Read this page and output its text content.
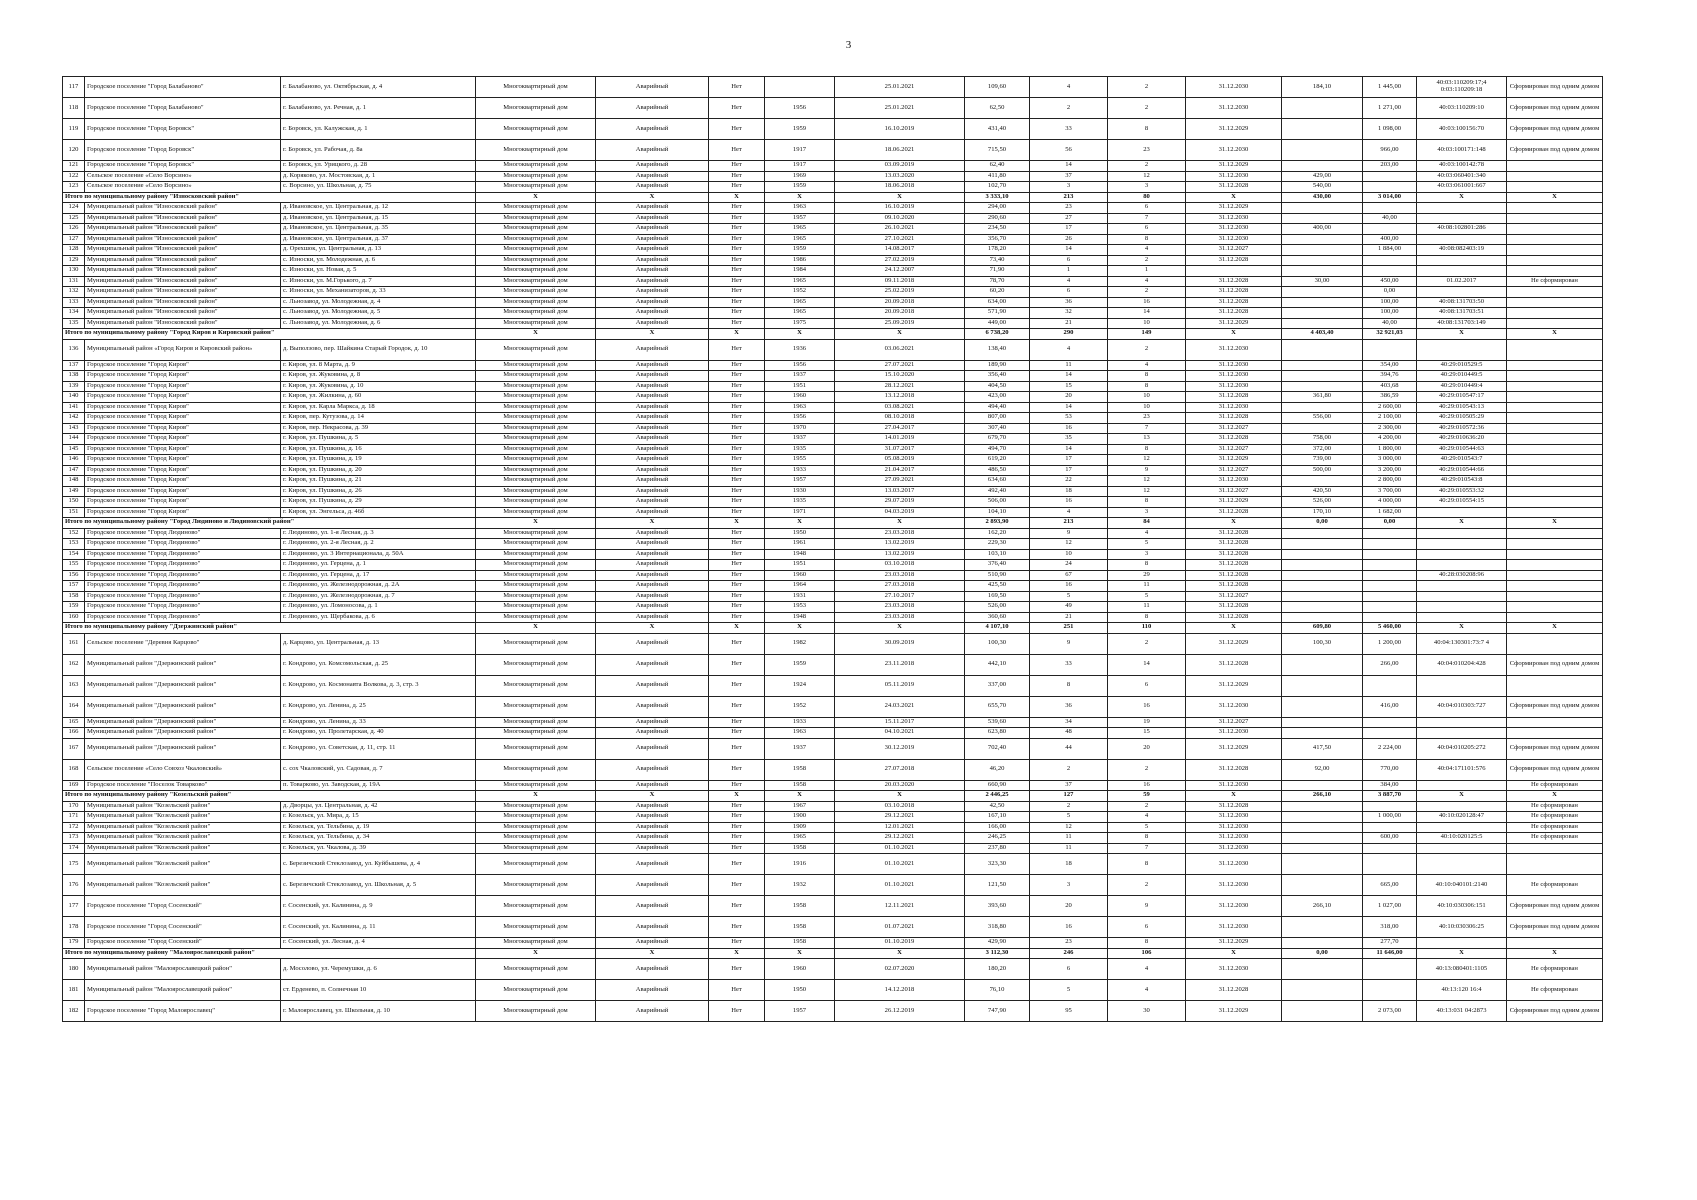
3
117	Городское поселение "Город Балабаново"	г. Балабаново, ул. Октябрьская, д. 4	Многоквартирный дом	Аварийный	Нет		25.01.2021	109,60	4	2	31.12.2030	184,10	1 445,00	40:03:110209:17;4 0:03:110209:18	Сформирован под одним домом
118	Городское поселение "Город Балабаново"	г. Балабаново, ул. Речная, д. 1	Многоквартирный дом	Аварийный	Нет	1956	25.01.2021	62,50	2	2	31.12.2030		1 271,00	40:03:110209:10	Сформирован под одним домом
119	Городское поселение "Город Боровск"	г. Боровск, ул. Калужская, д. 1	Многоквартирный дом	Аварийный	Нет	1959	16.10.2019	431,40	33	8	31.12.2029		1 098,00	40:03:100156:70	Сформирован под одним домом
120	Городское поселение "Город Боровск"	г. Боровск, ул. Рабочая, д. 8а	Многоквартирный дом	Аварийный	Нет	1917	18.06.2021	715,50	56	23	31.12.2030		966,00	40:03:100171:148	Сформирован под одним домом
121	Городское поселение "Город Боровск"	г. Боровск, ул. Урицкого, д. 28	Многоквартирный дом	Аварийный	Нет	1917	03.09.2019	62,40	14	2	31.12.2029		203,00	40:03:100142:78	
122	Сельское поселение «Село Ворсино»	д. Коряково, ул. Мостовская, д. 1	Многоквартирный дом	Аварийный	Нет	1969	13.03.2020	411,80	37	12	31.12.2030	429,00		40:03:060401:340	
123	Сельское поселение «Село Ворсино»	с. Ворсино, ул. Школьная, д. 75	Многоквартирный дом	Аварийный	Нет	1959	18.06.2018	102,70	3	3	31.12.2028	540,00		40:03:061001:667	
Итого по муниципальному району "Износковский район"			X	X	X	X	X	3 333,10	213	80	X	430,00	3 014,00	X	X
124	Муниципальный район "Износковский район"	д. Ивановское, ул. Центральная, д. 12	Многоквартирный дом	Аварийный	Нет	1963	16.10.2019	294,00	23	6	31.12.2029				
125	Муниципальный район "Износковский район"	д. Ивановское, ул. Центральная, д. 15	Многоквартирный дом	Аварийный	Нет	1957	09.10.2020	290,60	27	7	31.12.2030		40,00		
126	Муниципальный район "Износковский район"	д. Ивановское, ул. Центральная, д. 35	Многоквартирный дом	Аварийный	Нет	1965	26.10.2021	234,50	17	6	31.12.2030	400,00		40:08:102801:286	
127	Муниципальный район "Износковский район"	д. Ивановское, ул. Центральная, д. 37	Многоквартирный дом	Аварийный	Нет	1965	27.10.2021	356,70	26	8	31.12.2030		400,00		
128	Муниципальный район "Износковский район"	д. Орехшок, ул. Центральная, д. 13	Многоквартирный дом	Аварийный	Нет	1959	14.08.2017	178,20	14	4	31.12.2027		1 884,00	40:08:082403:19	
129	Муниципальный район "Износковский район"	с. Износки, ул. Молодежная, д. 6	Многоквартирный дом	Аварийный	Нет	1986	27.02.2019	73,40	6	2	31.12.2028				
130	Муниципальный район "Износковский район"	с. Износки, ул. Новая, д. 5	Многоквартирный дом	Аварийный	Нет	1984	24.12.2007	71,90	1	1					
131	Муниципальный район "Износковский район"	с. Износки, ул. М.Горького, д. 7	Многоквартирный дом	Аварийный	Нет	1965	09.11.2018	78,70	4	4	31.12.2028	30,00	450,00	01.02.2017	Не сформирован
132	Муниципальный район "Износковский район"	с. Износки, ул. Механизаторов, д. 33	Многоквартирный дом	Аварийный	Нет	1952	25.02.2019	60,20	6	2	31.12.2028		0,00		
133	Муниципальный район "Износковский район"	с. Льнозавод, ул. Молодежная, д. 4	Многоквартирный дом	Аварийный	Нет	1965	20.09.2018	634,00	36	16	31.12.2028		100,00	40:08:131703:50	
134	Муниципальный район "Износковский район"	с. Льнозавод, ул. Молодежная, д. 5	Многоквартирный дом	Аварийный	Нет	1965	20.09.2018	571,90	32	14	31.12.2028		100,00	40:08:131703:51	
135	Муниципальный район "Износковский район"	с. Льнозавод, ул. Молодежная, д. 6	Многоквартирный дом	Аварийный	Нет	1975	25.09.2019	449,00	21	10	31.12.2029		40,00	40:08:131703:149	
Итого по муниципальному району "Город Киров и Кировский район"			X	X	X	X	X	6 738,20	290	149	X	4 403,40	32 921,03	X	X
136	Муниципальный район «Город Киров и Кировский район»	д. Выползово, пер. Шайкина Старый Городок, д. 10	Многоквартирный дом	Аварийный	Нет	1936	03.06.2021	138,40	4	2	31.12.2030				
137	Городское поселение "Город Киров"	г. Киров, ул. 8 Марта, д. 9	Многоквартирный дом	Аварийный	Нет	1956	27.07.2021	189,90	11	4	31.12.2030		354,00	40:29:010529:5	
138	Городское поселение "Город Киров"	г. Киров, ул. Жуковина, д. 8	Многоквартирный дом	Аварийный	Нет	1937	15.10.2020	356,40	14	8	31.12.2030		394,76	40:29:010449:5	
139	Городское поселение "Город Киров"	г. Киров, ул. Жуковина, д. 10	Многоквартирный дом	Аварийный	Нет	1951	28.12.2021	404,50	15	8	31.12.2030		403,68	40:29:010449:4	
140	Городское поселение "Город Киров"	г. Киров, ул. Жилкина, д. 60	Многоквартирный дом	Аварийный	Нет	1960	13.12.2018	423,00	20	10	31.12.2028	361,80	386,59	40:29:010547:17	
141	Городское поселение "Город Киров"	г. Киров, ул. Карла Маркса, д. 18	Многоквартирный дом	Аварийный	Нет	1963	03.08.2021	494,40	14	10	31.12.2030		2 600,00	40:29:010543:13	
142	Городское поселение "Город Киров"	г. Киров, пер. Кутузова, д. 14	Многоквартирный дом	Аварийный	Нет	1956	08.10.2018	807,00	53	23	31.12.2028	556,00	2 100,00	40:29:010505:29	
143	Городское поселение "Город Киров"	г. Киров, пер. Некрасова, д. 39	Многоквартирный дом	Аварийный	Нет	1970	27.04.2017	307,40	16	7	31.12.2027		2 300,00	40:29:010572:36	
144	Городское поселение "Город Киров"	г. Киров, ул. Пушкина, д. 5	Многоквартирный дом	Аварийный	Нет	1937	14.01.2019	679,70	35	13	31.12.2028	758,00	4 200,00	40:29:010636:20	
145	Городское поселение "Город Киров"	г. Киров, ул. Пушкина, д. 16	Многоквартирный дом	Аварийный	Нет	1935	31.07.2017	494,70	14	8	31.12.2027	372,00	1 800,00	40:29:010544:63	
146	Городское поселение "Город Киров"	г. Киров, ул. Пушкина, д. 19	Многоквартирный дом	Аварийный	Нет	1955	05.08.2019	619,20	17	12	31.12.2029	739,00	3 000,00	40:29:010543:7	
147	Городское поселение "Город Киров"	г. Киров, ул. Пушкина, д. 20	Многоквартирный дом	Аварийный	Нет	1933	21.04.2017	486,50	17	9	31.12.2027	500,00	3 200,00	40:29:010544:66	
148	Городское поселение "Город Киров"	г. Киров, ул. Пушкина, д. 21	Многоквартирный дом	Аварийный	Нет	1957	27.09.2021	634,60	22	12	31.12.2030		2 800,00	40:29:010543:8	
149	Городское поселение "Город Киров"	г. Киров, ул. Пушкина, д. 26	Многоквартирный дом	Аварийный	Нет	1930	13.03.2017	492,40	18	12	31.12.2027	420,50	3 700,00	40:29:010553:32	
150	Городское поселение "Город Киров"	г. Киров, ул. Пушкина, д. 29	Многоквартирный дом	Аварийный	Нет	1935	29.07.2019	506,00	16	8	31.12.2029	526,00	4 000,00	40:29:010554:15	
151	Городское поселение "Город Киров"	г. Киров, ул. Энгельса, д. 46б	Многоквартирный дом	Аварийный	Нет	1971	04.03.2019	104,10	4	3	31.12.2028	170,10	1 682,00		
Итого по муниципальному району "Город Людиново и Людиновский район"			X	X	X	X	X	2 893,90	213	84	X	0,00	0,00	X	X
152	Городское поселение "Город Людиново"	г. Людиново, ул. 1-я Лесная, д. 3	Многоквартирный дом	Аварийный	Нет	1950	23.03.2018	162,20	9	4	31.12.2028				
153	Городское поселение "Город Людиново"	г. Людиново, ул. 2-я Лесная, д. 2	Многоквартирный дом	Аварийный	Нет	1961	13.02.2019	229,30	12	5	31.12.2028				
154	Городское поселение "Город Людиново"	г. Людиново, ул. 3 Интернационала, д. 50А	Многоквартирный дом	Аварийный	Нет	1948	13.02.2019	103,10	10	3	31.12.2028				
155	Городское поселение "Город Людиново"	г. Людиново, ул. Герцена, д. 1	Многоквартирный дом	Аварийный	Нет	1951	03.10.2018	376,40	24	8	31.12.2028				
156	Городское поселение "Город Людиново"	г. Людиново, ул. Герцена, д. 17	Многоквартирный дом	Аварийный	Нет	1960	23.03.2018	510,90	67	29	31.12.2028			40:28:030208:96	
157	Городское поселение "Город Людиново"	г. Людиново, ул. Железнодорожная, д. 2А	Многоквартирный дом	Аварийный	Нет	1964	27.03.2018	425,50	16	11	31.12.2028				
158	Городское поселение "Город Людиново"	г. Людиново, ул. Железнодорожная, д. 7	Многоквартирный дом	Аварийный	Нет	1931	27.10.2017	169,50	5	5	31.12.2027				
159	Городское поселение "Город Людиново"	г. Людиново, ул. Ломоносова, д. 1	Многоквартирный дом	Аварийный	Нет	1953	23.03.2018	526,00	49	11	31.12.2028				
160	Городское поселение "Город Людиново"	г. Людиново, ул. Щербакова, д. 6	Многоквартирный дом	Аварийный	Нет	1948	23.03.2018	360,60	21	8	31.12.2028				
Итого по муниципальному району "Дзержинский район"			X	X	X	X	X	4 107,10	251	110	X	609,80	5 460,00	X	X
161	Сельское поселение "Деревня Карцово"	д. Карцово, ул. Центральная, д. 13	Многоквартирный дом	Аварийный	Нет	1982	30.09.2019	100,30	9	2	31.12.2029	100,30	1 200,00	40:04:130301:73:7 4	
162	Муниципальный район "Дзержинский район"	г. Кондрово, ул. Комсомольская, д. 25	Многоквартирный дом	Аварийный	Нет	1959	23.11.2018	442,10	33	14	31.12.2028		266,00	40:04:010204:428	Сформирован под одним домом
163	Муниципальный район "Дзержинский район"	г. Кондрово, ул. Космонавта Волкова, д. 3, стр. 3	Многоквартирный дом	Аварийный	Нет	1924	05.11.2019	337,00	8	6	31.12.2029				
164	Муниципальный район "Дзержинский район"	г. Кондрово, ул. Ленина, д. 25	Многоквартирный дом	Аварийный	Нет	1952	24.03.2021	655,70	36	16	31.12.2030		416,00	40:04:010303:727	Сформирован под одним домом
165	Муниципальный район "Дзержинский район"	г. Кондрово, ул. Ленина, д. 33	Многоквартирный дом	Аварийный	Нет	1933	15.11.2017	539,60	34	19	31.12.2027				
166	Муниципальный район "Дзержинский район"	г. Кондрово, ул. Пролетарская, д. 40	Многоквартирный дом	Аварийный	Нет	1963	04.10.2021	623,80	48	15	31.12.2030				
167	Муниципальный район "Дзержинский район"	г. Кондрово, ул. Советская, д. 11, стр. 11	Многоквартирный дом	Аварийный	Нет	1937	30.12.2019	702,40	44	20	31.12.2029	417,50	2 224,00	40:04:010205:272	Сформирован под одним домом
168	Сельское поселение «Село Совхоз Чкаловский»	с. сох Чкаловский, ул. Садовая, д. 7	Многоквартирный дом	Аварийный	Нет	1958	27.07.2018	46,20	2	2	31.12.2028	92,00	770,00	40:04:171101:576	Сформирован под одним домом
169	Городское поселение "Поселок Товарково"	п. Товарково, ул. Заводская, д. 19А	Многоквартирный дом	Аварийный	Нет	1958	20.03.2020	660,90	37	16	31.12.2030		384,00		Не сформирован
Итого по муниципальному району "Козельский район"			X	X	X	X	X	2 446,25	127	59	X	266,10	3 887,70	X	X
170	Муниципальный район "Козельский район"	д. Дворцы, ул. Центральная, д. 42	Многоквартирный дом	Аварийный	Нет	1967	03.10.2018	42,50	2	2	31.12.2028				Не сформирован
171	Муниципальный район "Козельский район"	г. Козельск, ул. Мира, д. 15	Многоквартирный дом	Аварийный	Нет	1900	29.12.2021	167,10	5	4	31.12.2030		1 000,00	40:10:020128:47	Не сформирован
172	Муниципальный район "Козельский район"	г. Козельск, ул. Тельбина, д. 19	Многоквартирный дом	Аварийный	Нет	1909	12.01.2021	166,00	12	5	31.12.2030				Не сформирован
173	Муниципальный район "Козельский район"	г. Козельск, ул. Тельбина, д. 34	Многоквартирный дом	Аварийный	Нет	1965	29.12.2021	246,25	11	8	31.12.2030		600,00	40:10:020125:5	Не сформирован
174	Муниципальный район "Козельский район"	г. Козельск, ул. Чкалова, д. 39	Многоквартирный дом	Аварийный	Нет	1958	01.10.2021	237,80	11	7	31.12.2030				
175	Муниципальный район "Козельский район"	с. Березичский Стеклозавод, ул. Куйбышева, д. 4	Многоквартирный дом	Аварийный	Нет	1916	01.10.2021	323,30	18	8	31.12.2030				
176	Муниципальный район "Козельский район"	с. Березичский Стеклозавод, ул. Школьная, д. 5	Многоквартирный дом	Аварийный	Нет	1932	01.10.2021	121,50	3	2	31.12.2030		665,00	40:10:040101:2140	Не сформирован
177	Городское поселение "Город Сосенский"	г. Сосенский, ул. Калинина, д. 9	Многоквартирный дом	Аварийный	Нет	1958	12.11.2021	393,60	20	9	31.12.2030	266,10	1 027,00	40:10:030306:151	Сформирован под одним домом
178	Городское поселение "Город Сосенский"	г. Сосенский, ул. Калинина, д. 11	Многоквартирный дом	Аварийный	Нет	1958	01.07.2021	318,80	16	6	31.12.2030		318,00	40:10:030306:25	Сформирован под одним домом
179	Городское поселение "Город Сосенский"	г. Сосенский, ул. Лесная, д. 4	Многоквартирный дом	Аварийный	Нет	1958	01.10.2019	429,90	23	8	31.12.2029		277,70		
Итого по муниципальному району "Малоярославецкий район"			X	X	X	X	X	3 112,30	246	106	X	0,00	11 646,00	X	X
180	Муниципальный район "Малоярославецкий район"	д. Мосолово, ул. Черемушки, д. 6	Многоквартирный дом	Аварийный	Нет	1960	02.07.2020	180,20	6	4	31.12.2030			40:13:080401:1105	Не сформирован
181	Муниципальный район "Малоярославецкий район"	ст. Ерденево, п. Солнечная 10	Многоквартирный дом	Аварийный	Нет	1950	14.12.2018	76,10	5	4	31.12.2028			40:13:120 16:4	Не сформирован
182	Городское поселение "Город Малоярославец"	г. Малоярославец, ул. Школьная, д. 10	Многоквартирный дом	Аварийный	Нет	1957	26.12.2019	747,90	95	30	31.12.2029		2 073,00	40:13:031 04:2873	Сформирован под одним домом
